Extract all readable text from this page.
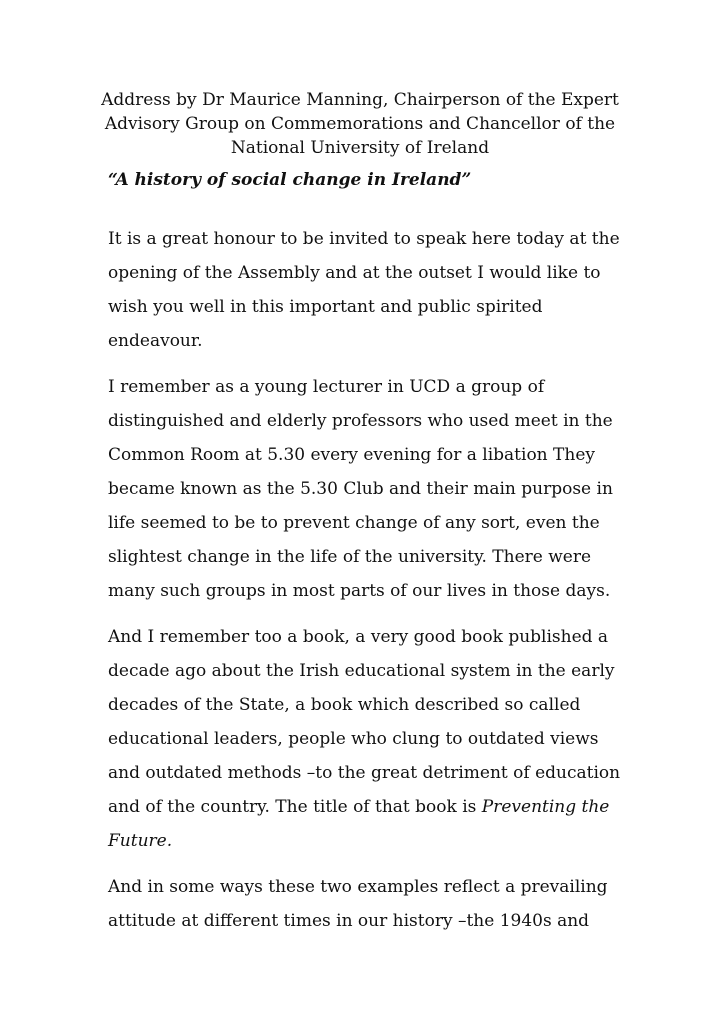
Address by Dr Maurice Manning, Chairperson of the Expert
Advisory Group on Commemorations and Chancellor of the
National University of Ireland
“A history of social change in Ireland”
It is a great honour to be invited to speak here today at the
opening of the Assembly and at the outset I would like to
wish you well in this important and public spirited
endeavour.
I remember as a young lecturer in UCD a group of
distinguished and elderly professors who used meet in the
Common Room at 5.30 every evening for a libation They
became known as the 5.30 Club and their main purpose in
life seemed to be to prevent change of any sort, even the
slightest change in the life of the university. There were
many such groups in most parts of our lives in those days.
And I remember too a book, a very good book published a
decade ago about the Irish educational system in the early
decades of the State, a book which described so called
educational leaders, people who clung to outdated views
and outdated methods –to the great detriment of education
and of the country. The title of that book is Preventing the
Future.
And in some ways these two examples reflect a prevailing
attitude at different times in our history –the 1940s and
